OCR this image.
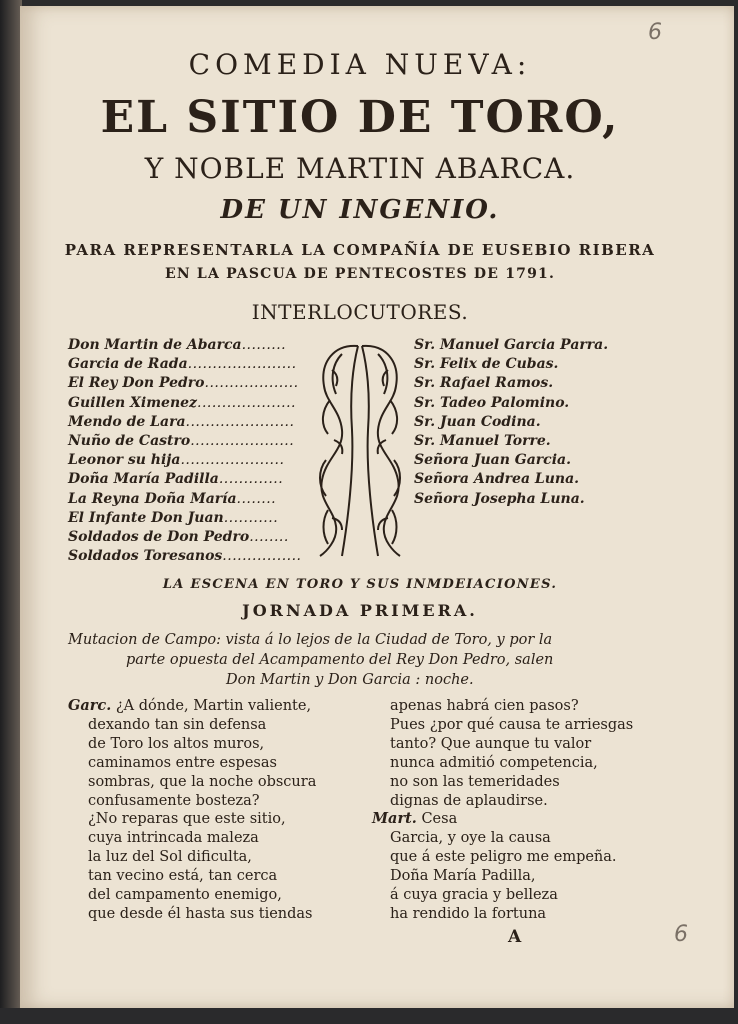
6
6
COMEDIA NUEVA:
EL SITIO DE TORO,
Y NOBLE MARTIN ABARCA.
DE UN INGENIO.
PARA REPRESENTARLA LA COMPAÑÍA DE EUSEBIO RIBERA
EN LA PASCUA DE PENTECOSTES DE 1791.
INTERLOCUTORES.
Don Martin de Abarca.........
Garcia de Rada......................
El Rey Don Pedro...................
Guillen Ximenez....................
Mendo de Lara......................
Nuño de Castro.....................
Leonor su hija.....................
Doña María Padilla.............
La Reyna Doña María........
El Infante Don Juan...........
Soldados de Don Pedro........
Soldados Toresanos................
Sr. Manuel Garcia Parra.
Sr. Felix de Cubas.
Sr. Rafael Ramos.
Sr. Tadeo Palomino.
Sr. Juan Codina.
Sr. Manuel Torre.
Señora Juan Garcia.
Señora Andrea Luna.
Señora Josepha Luna.
LA ESCENA EN TORO Y SUS INMDEIACIONES.
JORNADA PRIMERA.
Mutacion de Campo: vista á lo lejos de la Ciudad de Toro, y por la
parte opuesta del Acampamento del Rey Don Pedro, salen
Don Martin y Don Garcia : noche.
Garc. ¿A dónde, Martin valiente,
dexando tan sin defensa
de Toro los altos muros,
caminamos entre espesas
sombras, que la noche obscura
confusamente bosteza?
¿No reparas que este sitio,
cuya intrincada maleza
la luz del Sol dificulta,
tan vecino está, tan cerca
del campamento enemigo,
que desde él hasta sus tiendas
apenas habrá cien pasos?
Pues ¿por qué causa te arriesgas
tanto? Que aunque tu valor
nunca admitió competencia,
no son las temeridades
dignas de aplaudirse.
Mart. Cesa
Garcia, y oye la causa
que á este peligro me empeña.
Doña María Padilla,
á cuya gracia y belleza
ha rendido la fortuna
A
